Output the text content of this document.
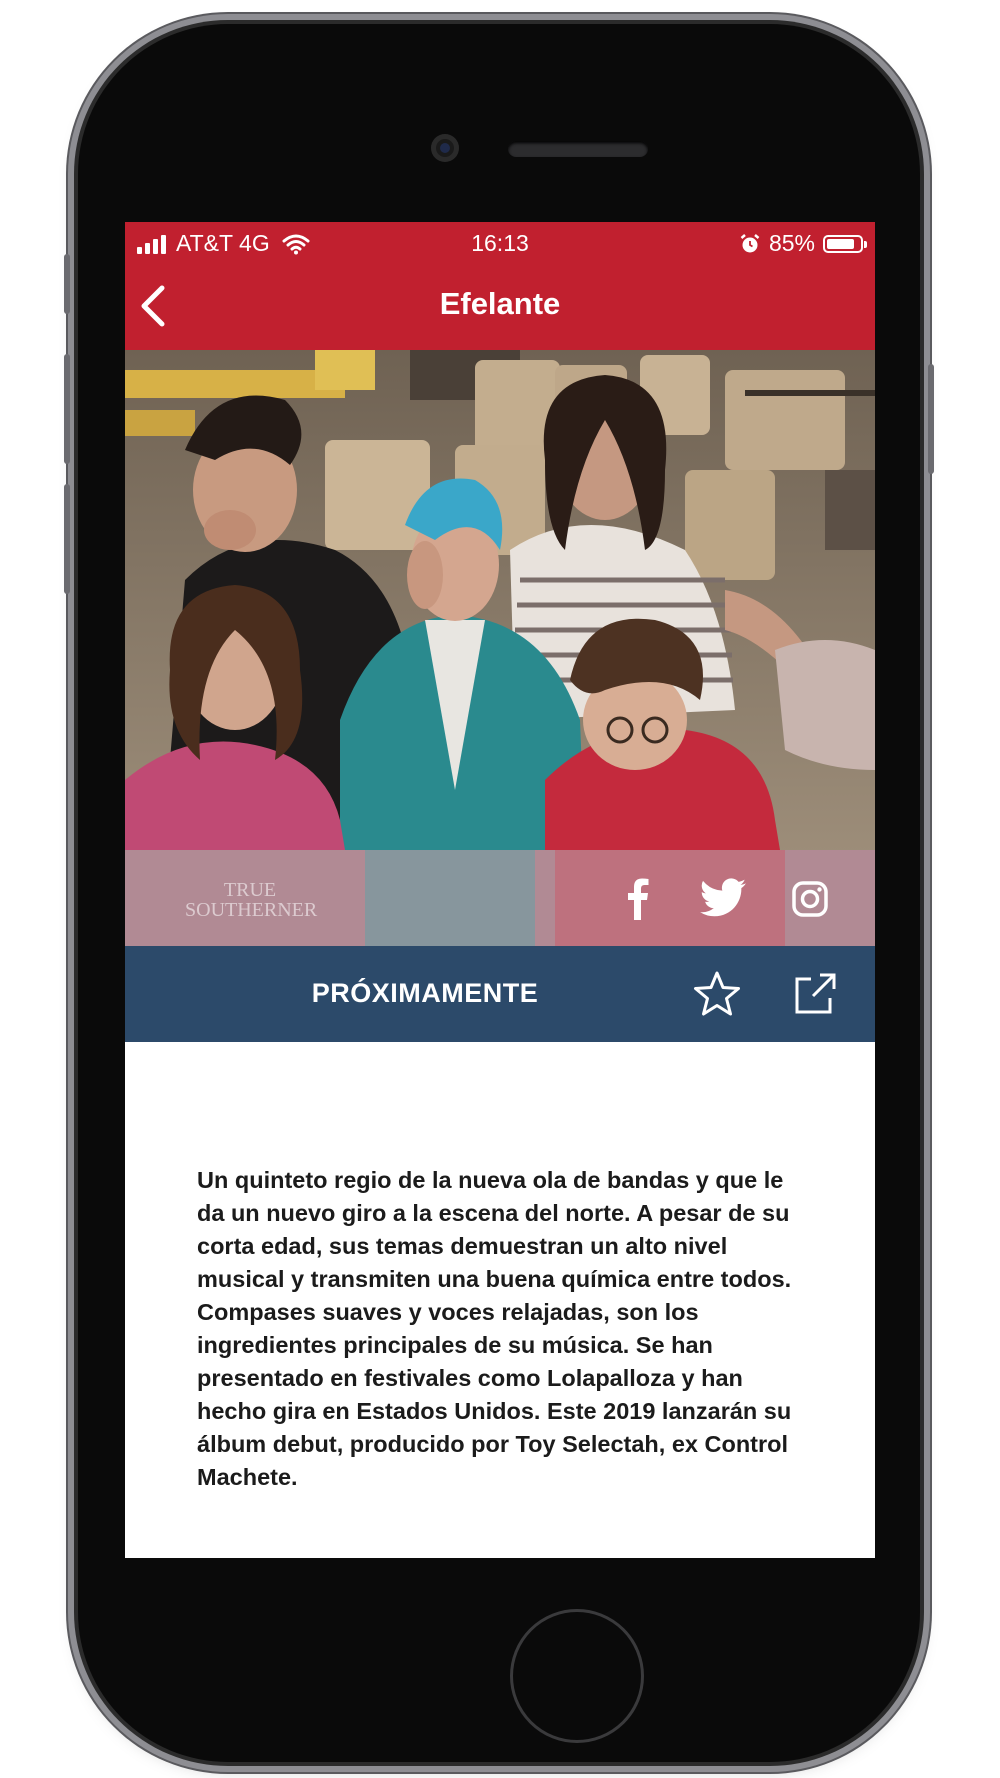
AT&T 4G	16:13	85%
Efelante
TRUE SOUTHERNER
PRÓXIMAMENTE

Un quinteto regio de la nueva ola de bandas y que le da un nuevo giro a la escena del norte. A pesar de su corta edad, sus temas demuestran un alto nivel musical y transmiten una buena química entre todos. Compases suaves y voces relajadas, son los ingredientes principales de su música. Se han presentado en festivales como Lolapalloza y han hecho gira en Estados Unidos. Este 2019 lanzarán su álbum debut, producido por Toy Selectah, ex Control Machete.
